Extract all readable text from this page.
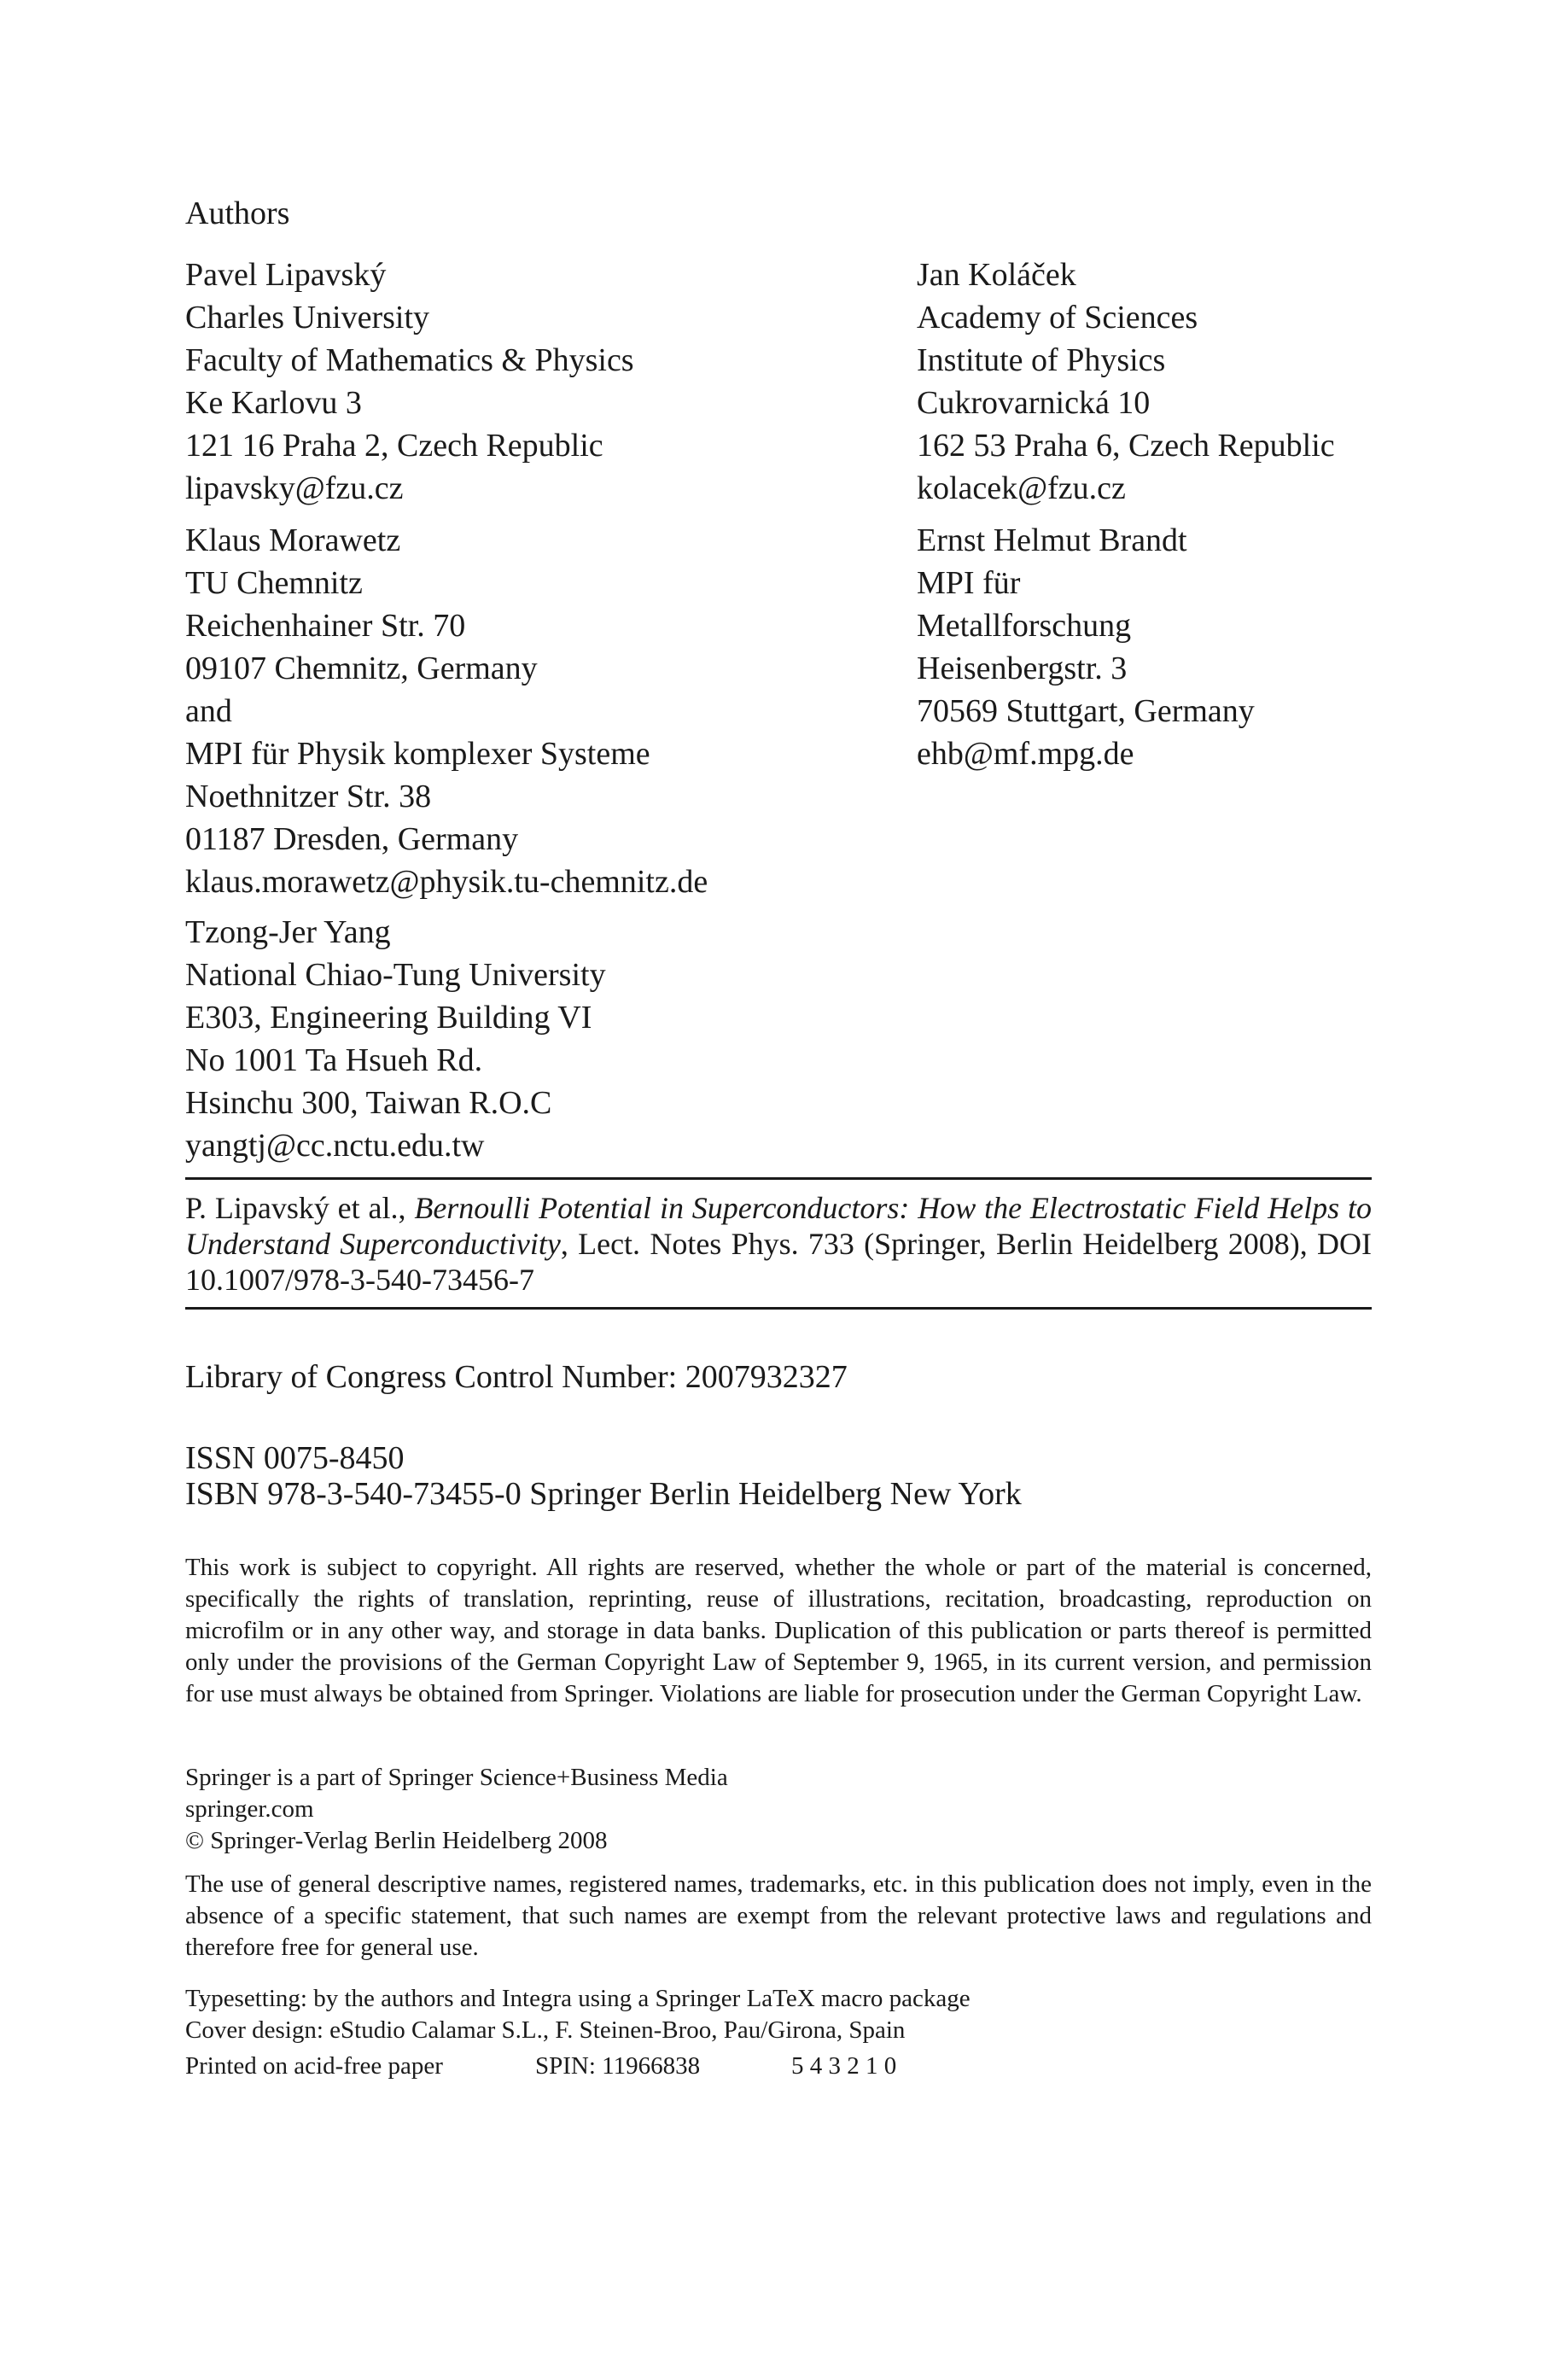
Authors
Pavel Lipavský
Charles University
Faculty of Mathematics & Physics
Ke Karlovu 3
121 16 Praha 2, Czech Republic
lipavsky@fzu.cz
Jan Koláček
Academy of Sciences
Institute of Physics
Cukrovarnická 10
162 53 Praha 6, Czech Republic
kolacek@fzu.cz
Klaus Morawetz
TU Chemnitz
Reichenhainer Str. 70
09107 Chemnitz, Germany
and
MPI für Physik komplexer Systeme
Noethnitzer Str. 38
01187 Dresden, Germany
klaus.morawetz@physik.tu-chemnitz.de
Ernst Helmut Brandt
MPI für
Metallforschung
Heisenbergstr. 3
70569 Stuttgart, Germany
ehb@mf.mpg.de
Tzong-Jer Yang
National Chiao-Tung University
E303, Engineering Building VI
No 1001 Ta Hsueh Rd.
Hsinchu 300, Taiwan R.O.C
yangtj@cc.nctu.edu.tw
P. Lipavský et al., Bernoulli Potential in Superconductors: How the Electrostatic Field Helps to Understand Superconductivity, Lect. Notes Phys. 733 (Springer, Berlin Heidelberg 2008), DOI 10.1007/978-3-540-73456-7
Library of Congress Control Number: 2007932327
ISSN 0075-8450
ISBN 978-3-540-73455-0 Springer Berlin Heidelberg New York
This work is subject to copyright. All rights are reserved, whether the whole or part of the material is concerned, specifically the rights of translation, reprinting, reuse of illustrations, recitation, broadcasting, reproduction on microfilm or in any other way, and storage in data banks. Duplication of this publication or parts thereof is permitted only under the provisions of the German Copyright Law of September 9, 1965, in its current version, and permission for use must always be obtained from Springer. Violations are liable for prosecution under the German Copyright Law.
Springer is a part of Springer Science+Business Media
springer.com
© Springer-Verlag Berlin Heidelberg 2008
The use of general descriptive names, registered names, trademarks, etc. in this publication does not imply, even in the absence of a specific statement, that such names are exempt from the relevant protective laws and regulations and therefore free for general use.
Typesetting: by the authors and Integra using a Springer LaTeX macro package
Cover design: eStudio Calamar S.L., F. Steinen-Broo, Pau/Girona, Spain
Printed on acid-free paper	SPIN: 11966838	5 4 3 2 1 0
